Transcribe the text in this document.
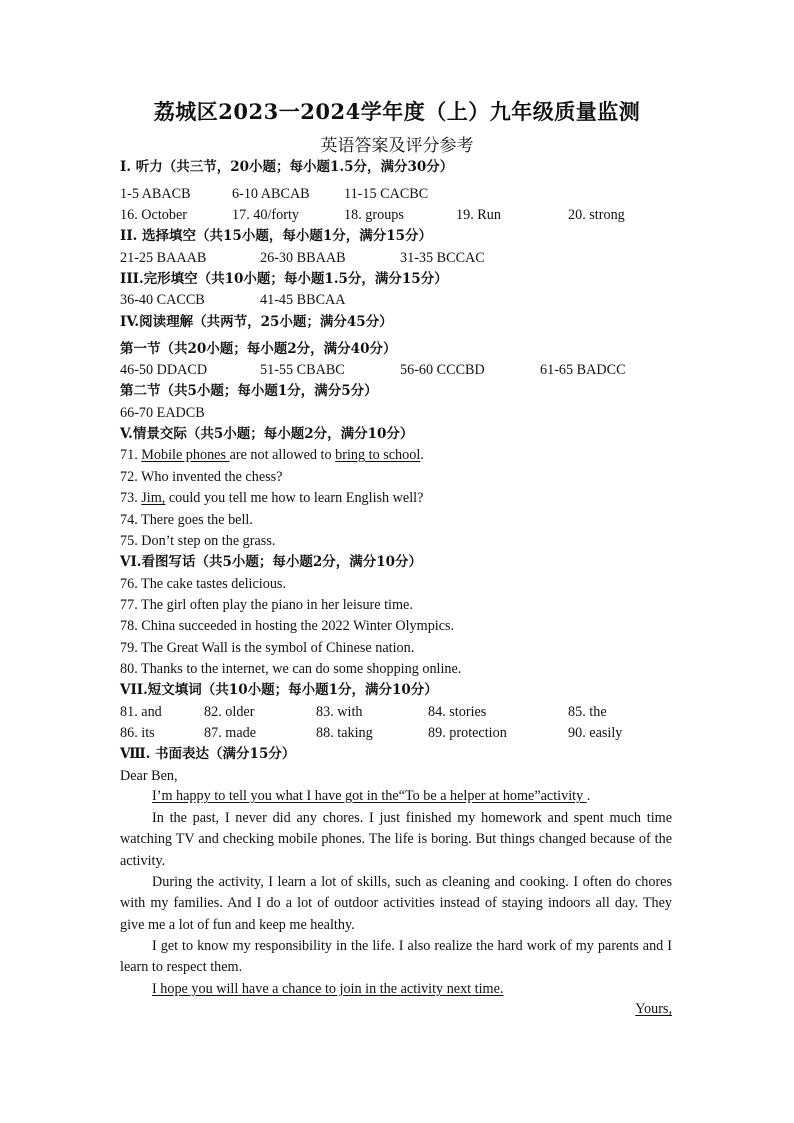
荔城区2023一2024学年度（上）九年级质量监测
英语答案及评分参考
I. 听力（共三节，20小题；每小题1.5分，满分30分）
1-5 ABACB	6-10 ABCAB 11-15 CACBC
16. October	17. 40/forty	18. groups	19. Run	20. strong
II. 选择填空（共15小题，每小题1分，满分15分）
21-25 BAAAB	26-30 BBAAB	31-35 BCCAC
III.完形填空（共10小题；每小题1.5分，满分15分）
36-40 CACCB	41-45 BBCAA
IV.阅读理解（共两节，25小题；满分45分）
第一节（共20小题；每小题2分，满分40分）
46-50 DDACD	51-55 CBABC	56-60 CCCBD	61-65 BADCC
第二节（共5小题；每小题1分，满分5分）
66-70 EADCB
V.情景交际（共5小题；每小题2分，满分10分）
71. Mobile phones are not allowed to bring to school.
72. Who invented the chess?
73. Jim, could you tell me how to learn English well?
74. There goes the bell.
75. Don’t step on the grass.
VI.看图写话（共5小题；每小题2分，满分10分）
76. The cake tastes delicious.
77. The girl often play the piano in her leisure time.
78. China succeeded in hosting the 2022 Winter Olympics.
79. The Great Wall is the symbol of Chinese nation.
80. Thanks to the internet, we can do some shopping online.
VII.短文填词（共10小题；每小题1分，满分10分）
81. and	82. older	83. with	84. stories	85. the
86. its	87. made	88. taking	89. protection	90. easily
Ⅷ. 书面表达（满分15分）
Dear Ben,
I’m happy to tell you what I have got in the“To be a helper at home”activity .
In the past, I never did any chores. I just finished my homework and spent much time watching TV and checking mobile phones. The life is boring. But things changed because of the activity.
During the activity, I learn a lot of skills, such as cleaning and cooking. I often do chores with my families. And I do a lot of outdoor activities instead of staying indoors all day. They give me a lot of fun and keep me healthy.
I get to know my responsibility in the life. I also realize the hard work of my parents and I learn to respect them.
I hope you will have a chance to join in the activity next time.
Yours,
